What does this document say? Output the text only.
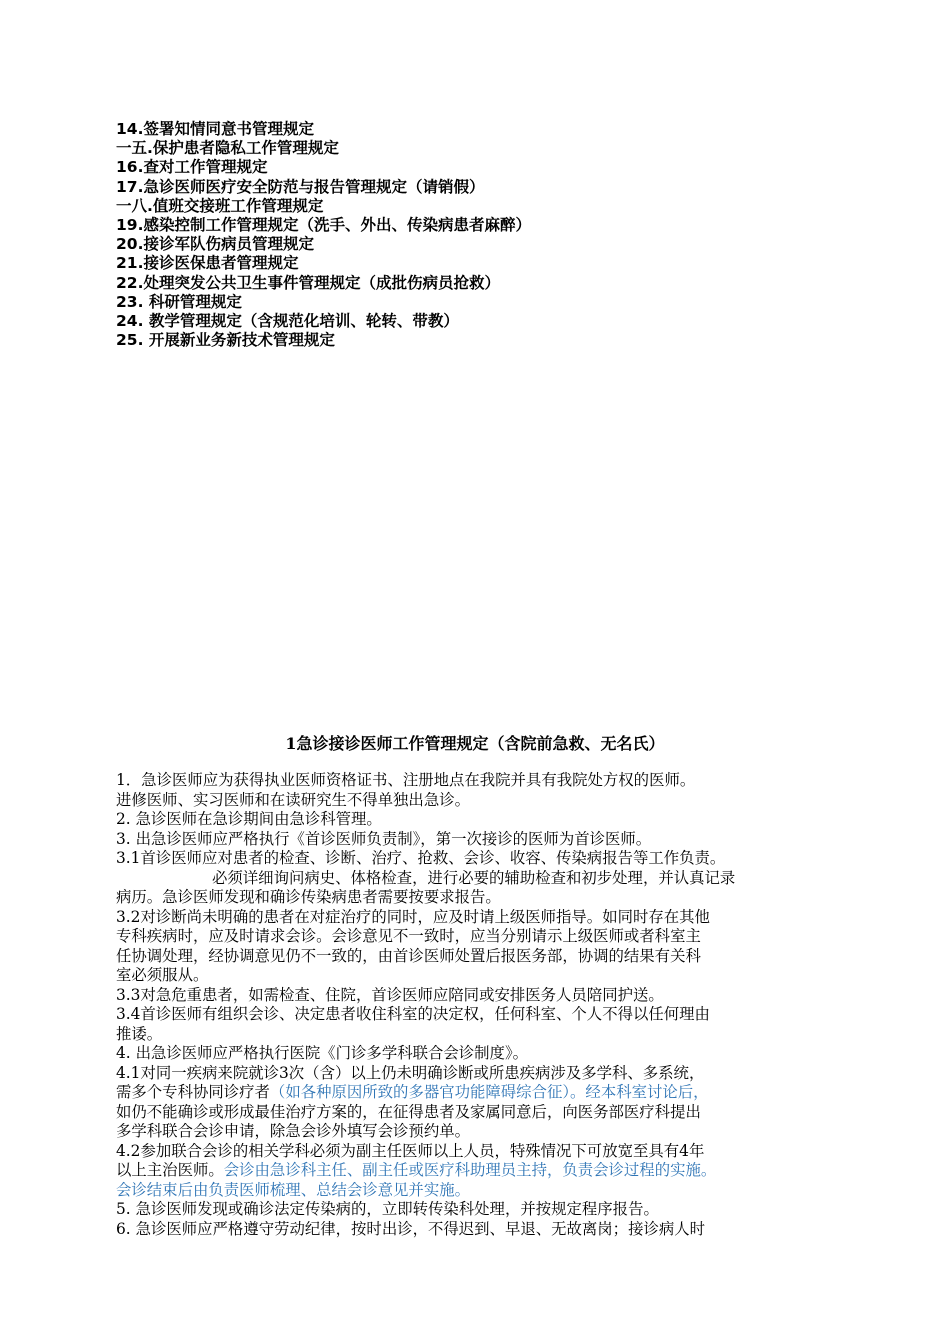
14.签署知情同意书管理规定
一五.保护患者隐私工作管理规定
16.查对工作管理规定
17.急诊医师医疗安全防范与报告管理规定（请销假）
一八.值班交接班工作管理规定
19.感染控制工作管理规定（洗手、外出、传染病患者麻醉）
20.接诊军队伤病员管理规定
21.接诊医保患者管理规定
22.处理突发公共卫生事件管理规定（成批伤病员抢救）
23. 科研管理规定
24. 教学管理规定（含规范化培训、轮转、带教）
25. 开展新业务新技术管理规定
1急诊接诊医师工作管理规定（含院前急救、无名氏）
1．急诊医师应为获得执业医师资格证书、注册地点在我院并具有我院处方权的医师。
进修医师、实习医师和在读研究生不得单独出急诊。
2. 急诊医师在急诊期间由急诊科管理。
3. 出急诊医师应严格执行《首诊医师负责制》，第一次接诊的医师为首诊医师。
3.1首诊医师应对患者的检查、诊断、治疗、抢救、会诊、收容、传染病报告等工作负责。
必须详细询问病史、体格检查，进行必要的辅助检查和初步处理，并认真记录
病历。急诊医师发现和确诊传染病患者需要按要求报告。
3.2对诊断尚未明确的患者在对症治疗的同时，应及时请上级医师指导。如同时存在其他
专科疾病时，应及时请求会诊。会诊意见不一致时，应当分别请示上级医师或者科室主
任协调处理，经协调意见仍不一致的，由首诊医师处置后报医务部，协调的结果有关科
室必须服从。
3.3对急危重患者，如需检查、住院，首诊医师应陪同或安排医务人员陪同护送。
3.4首诊医师有组织会诊、决定患者收住科室的决定权，任何科室、个人不得以任何理由
推诿。
4. 出急诊医师应严格执行医院《门诊多学科联合会诊制度》。
4.1对同一疾病来院就诊3次（含）以上仍未明确诊断或所患疾病涉及多学科、多系统，
需多个专科协同诊疗者（如各种原因所致的多器官功能障碍综合征）。经本科室讨论后，
如仍不能确诊或形成最佳治疗方案的，在征得患者及家属同意后，向医务部医疗科提出
多学科联合会诊申请，除急会诊外填写会诊预约单。
4.2参加联合会诊的相关学科必须为副主任医师以上人员，特殊情况下可放宽至具有4年
以上主治医师。会诊由急诊科主任、副主任或医疗科助理员主持，负责会诊过程的实施。
会诊结束后由负责医师梳理、总结会诊意见并实施。
5. 急诊医师发现或确诊法定传染病的，立即转传染科处理，并按规定程序报告。
6. 急诊医师应严格遵守劳动纪律，按时出诊，不得迟到、早退、无故离岗；接诊病人时
